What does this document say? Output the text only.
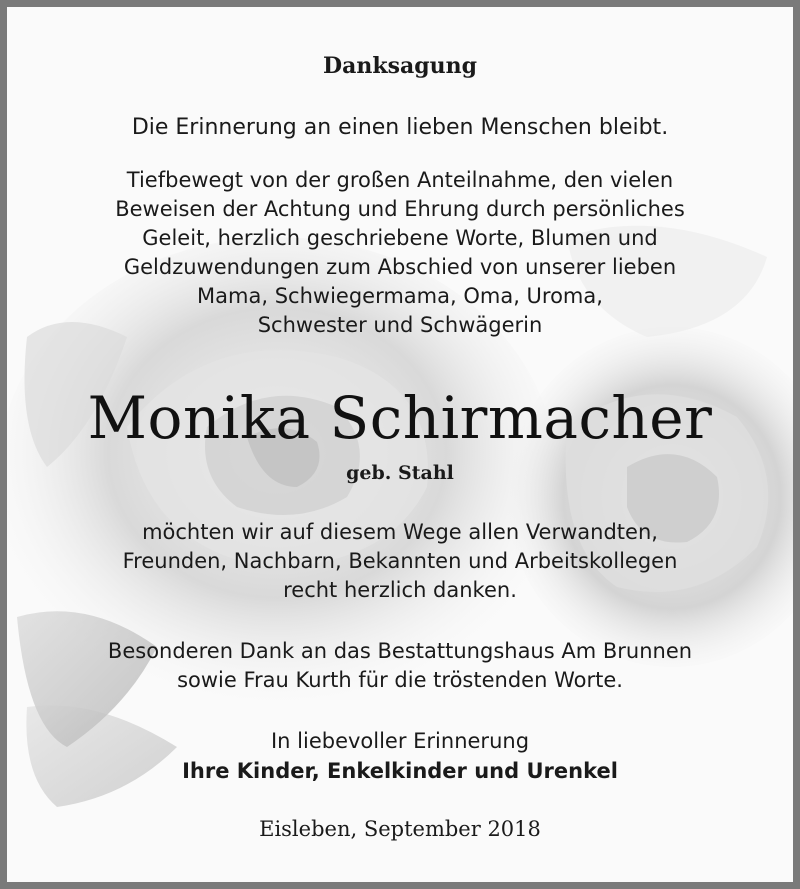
Danksagung

Die Erinnerung an einen lieben Menschen bleibt.

Tiefbewegt von der großen Anteilnahme, den vielen
Beweisen der Achtung und Ehrung durch persönliches
Geleit, herzlich geschriebene Worte, Blumen und
Geldzuwendungen zum Abschied von unserer lieben
Mama, Schwiegermama, Oma, Uroma,
Schwester und Schwägerin

Monika Schirmacher

geb. Stahl

möchten wir auf diesem Wege allen Verwandten,
Freunden, Nachbarn, Bekannten und Arbeitskollegen
recht herzlich danken.
Besonderen Dank an das Bestattungshaus Am Brunnen
sowie Frau Kurth für die tröstenden Worte.
In liebevoller Erinnerung
Ihre Kinder, Enkelkinder und Urenkel

Eisleben, September 2018
